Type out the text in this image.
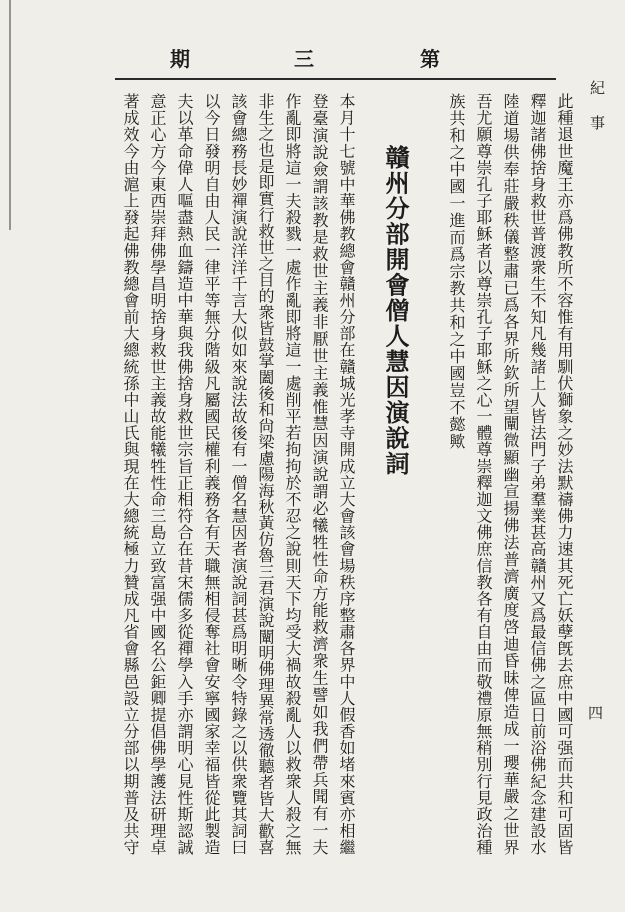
第
三
期
紀事
四
此種退世魔王亦爲佛教所不容惟有用馴伏獅象之妙法默禱佛力速其死亡妖孽旣去庶中國可强而共和可固皆
釋迦諸佛捨身救世普渡衆生不知凡幾諸上人皆法門子弟羣業甚高贛州又爲最信佛之區日前浴佛紀念建設水
陸道場供奉莊嚴秩儀整肅已爲各界所欽所望闡微顯幽宣揚佛法普濟廣度啓迪昏昧俾造成一瓔華嚴之世界
吾尤願尊崇孔子耶穌者以尊崇孔子耶穌之心一體尊崇釋迦文佛庶信教各有自由而敬禮原無稍別行見政治種
族共和之中國一進而爲宗教共和之中國豈不懿歟
贛州分部開會僧人慧因演說詞
本月十七號中華佛教總會贛州分部在贛城光孝寺開成立大會該會場秩序整肅各界中人假香如堵來賓亦相繼
登臺演說僉謂該教是救世主義非厭世主義惟慧因演說謂必犧牲性命方能救濟衆生譬如我們帶兵聞有一夫
作亂即將這一夫殺戮一處作亂即將這一處削平若拘拘於不忍之說則天下均受大禍故殺亂人以救衆人殺之無
非生之也是即實行救世之目的衆皆鼓掌闔後和尙梁慮陽海秋黃仿魯三君演說闡明佛理異常透徹聽者皆大歡喜
該會總務長妙禪演說洋洋千言大似如來說法故後有一僧名慧因者演說詞甚爲明晰令特錄之以供衆覽其詞曰
以今日發明自由人民一律平等無分階級凡屬國民權利義務各有天職無相侵奪社會安寧國家幸福皆從此製造
夫以革命偉人嘔盡熱血鑄造中華與我佛捨身救世宗旨正相符合在昔宋儒多從禪學入手亦謂明心見性斯認誠
意正心方今東西崇拜佛學昌明捨身救世主義故能犧牲性命三島立致富强中國名公鉅卿提倡佛學護法研理卓
著成效今由滬上發起佛教總會前大總統孫中山氏與現在大總統極力贊成凡省會縣邑設立分部以期普及共守
